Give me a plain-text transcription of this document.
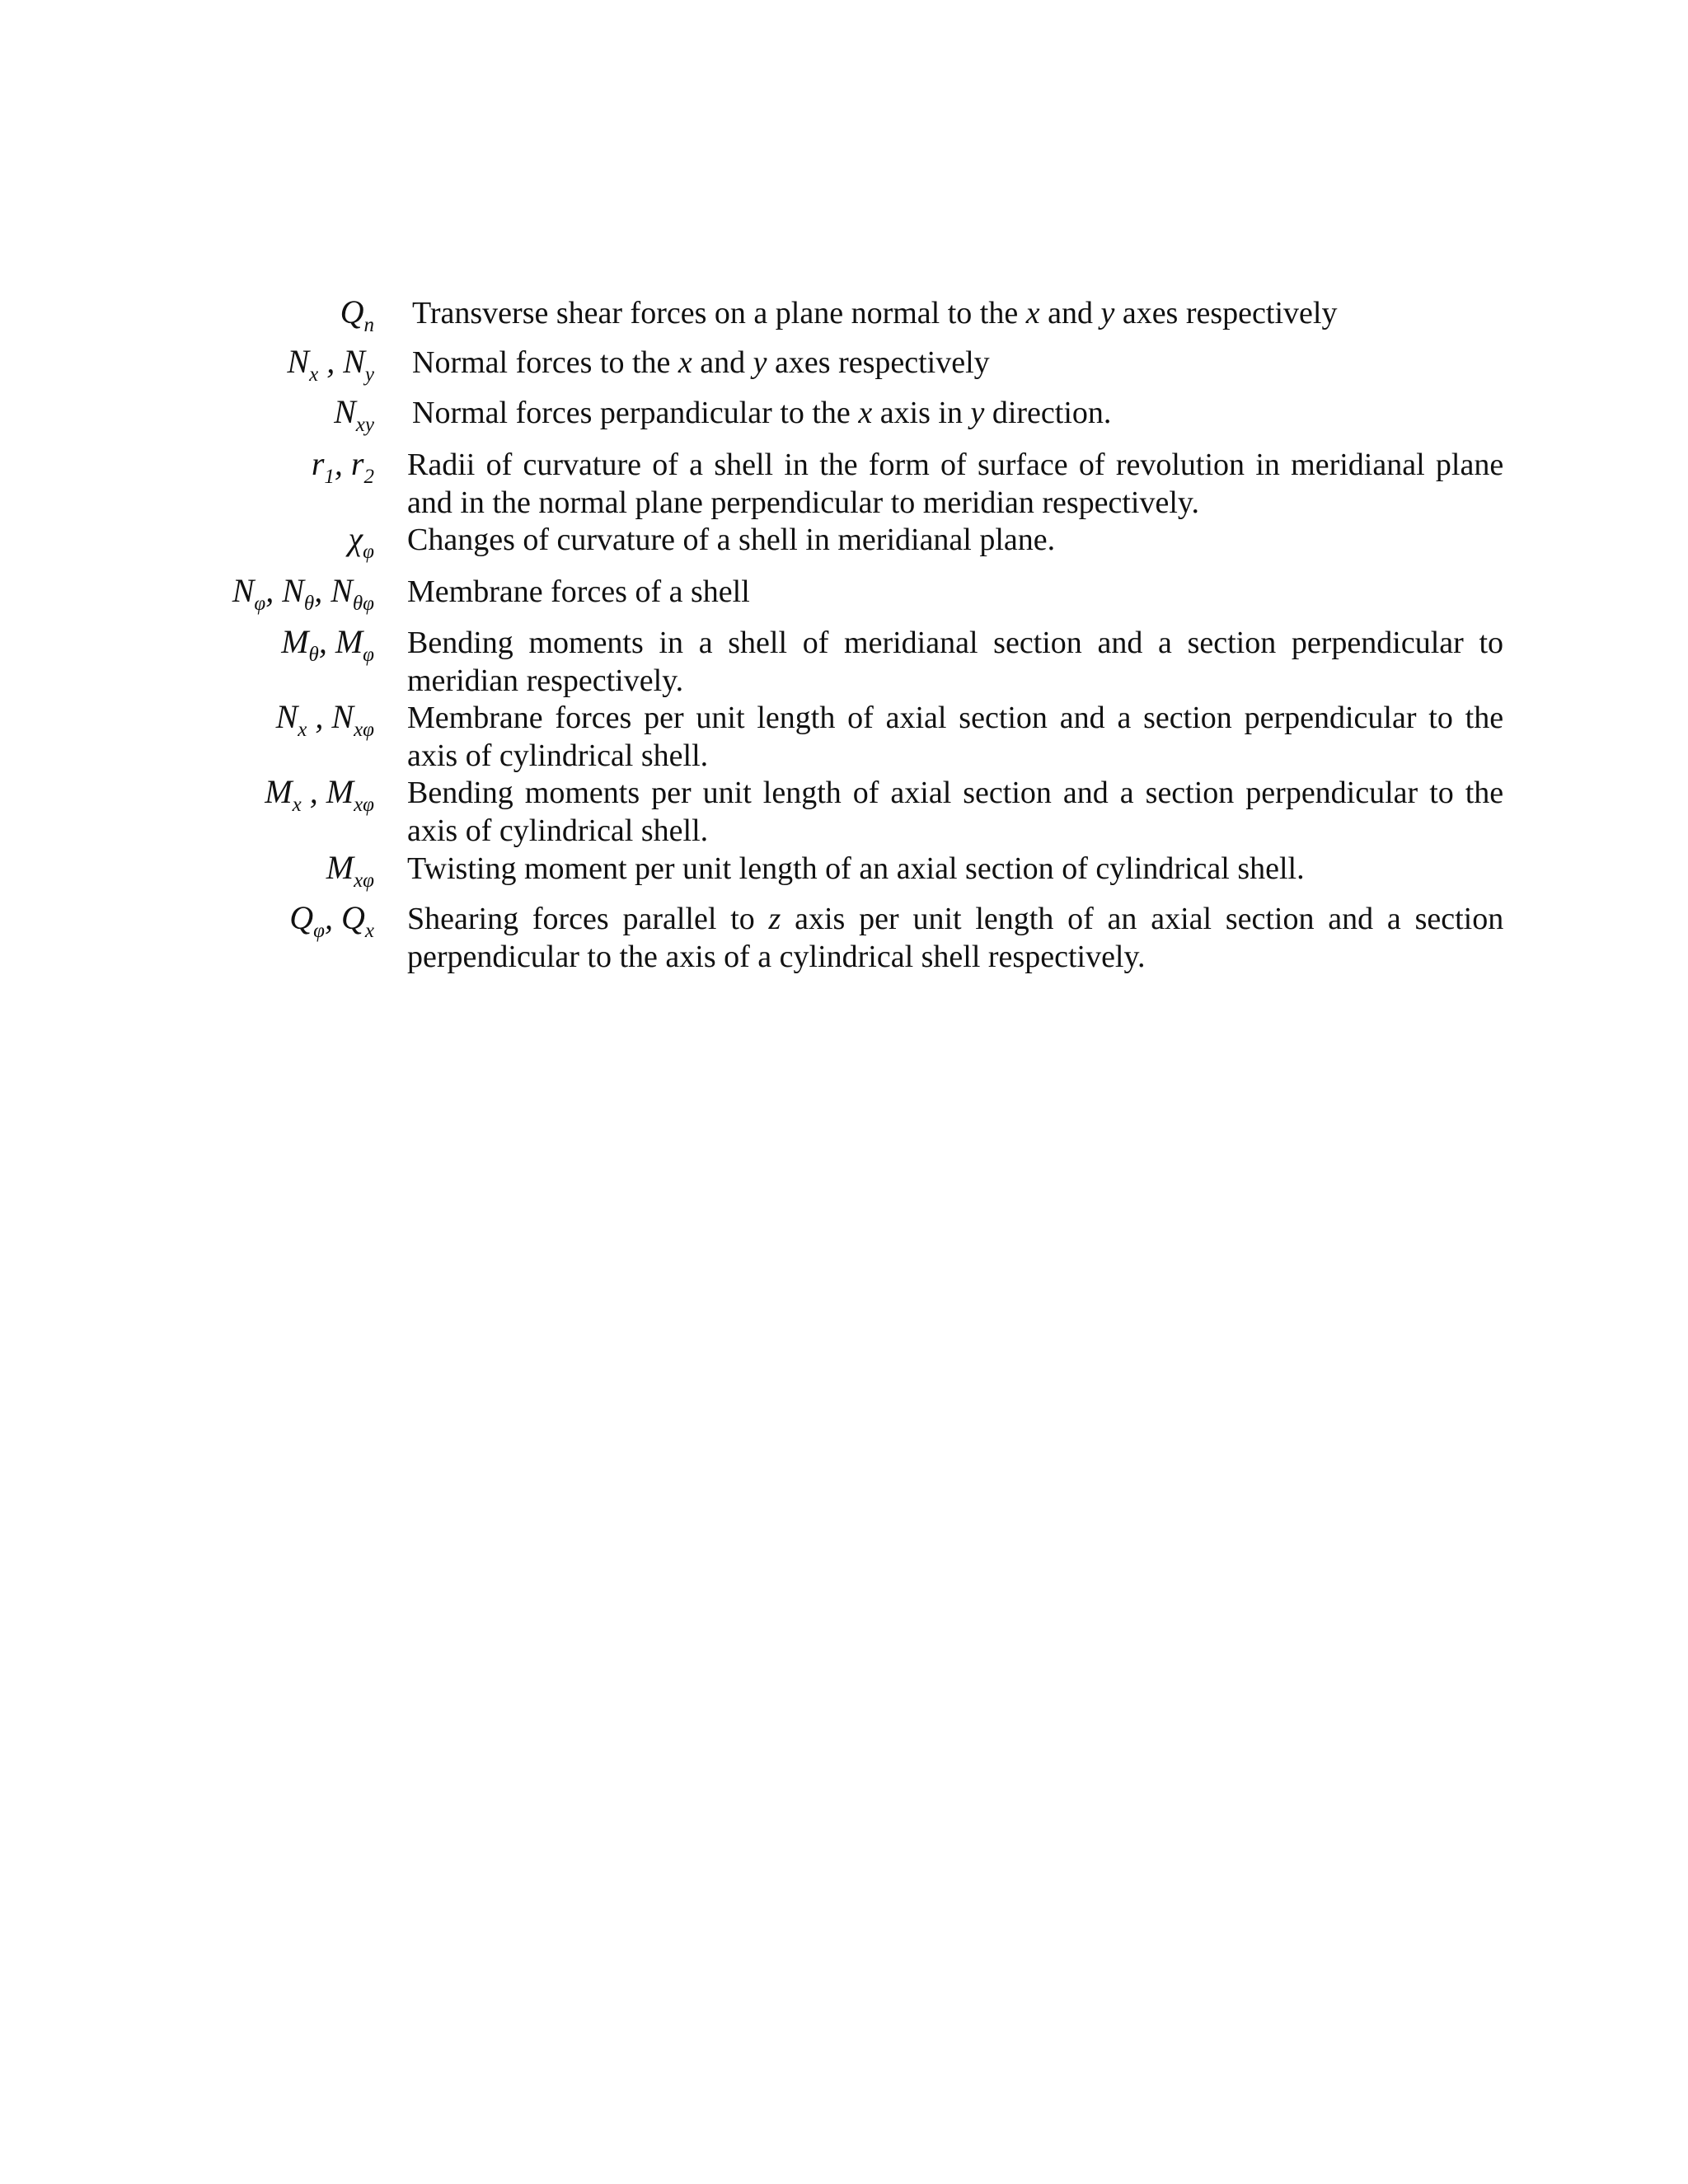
$Q_n$ Transverse shear forces on a plane normal to the x and y axes respectively
$N_x$ , $N_y$ Normal forces to the x and y axes respectively
$N_{xy}$ Normal forces perpandicular to the x axis in y direction.
$r_1$, $r_2$ Radii of curvature of a shell in the form of surface of revolution in meridianal plane and in the normal plane perpendicular to meridian respectively.
$\chi_\varphi$ Changes of curvature of a shell in meridianal plane.
$N_\varphi$, $N_\theta$, $N_{\theta\varphi}$ Membrane forces of a shell
$M_\theta$, $M_\varphi$ Bending moments in a shell of meridianal section and a section perpendicular to meridian respectively.
$N_x$ , $N_{x\varphi}$ Membrane forces per unit length of axial section and a section perpendicular to the axis of cylindrical shell.
$M_x$ , $M_{x\varphi}$ Bending moments per unit length of axial section and a section perpendicular to the axis of cylindrical shell.
$M_{x\varphi}$ Twisting moment per unit length of an axial section of cylindrical shell.
$Q_\varphi$, $Q_x$ Shearing forces parallel to z axis per unit length of an axial section and a section perpendicular to the axis of a cylindrical shell respectively.
